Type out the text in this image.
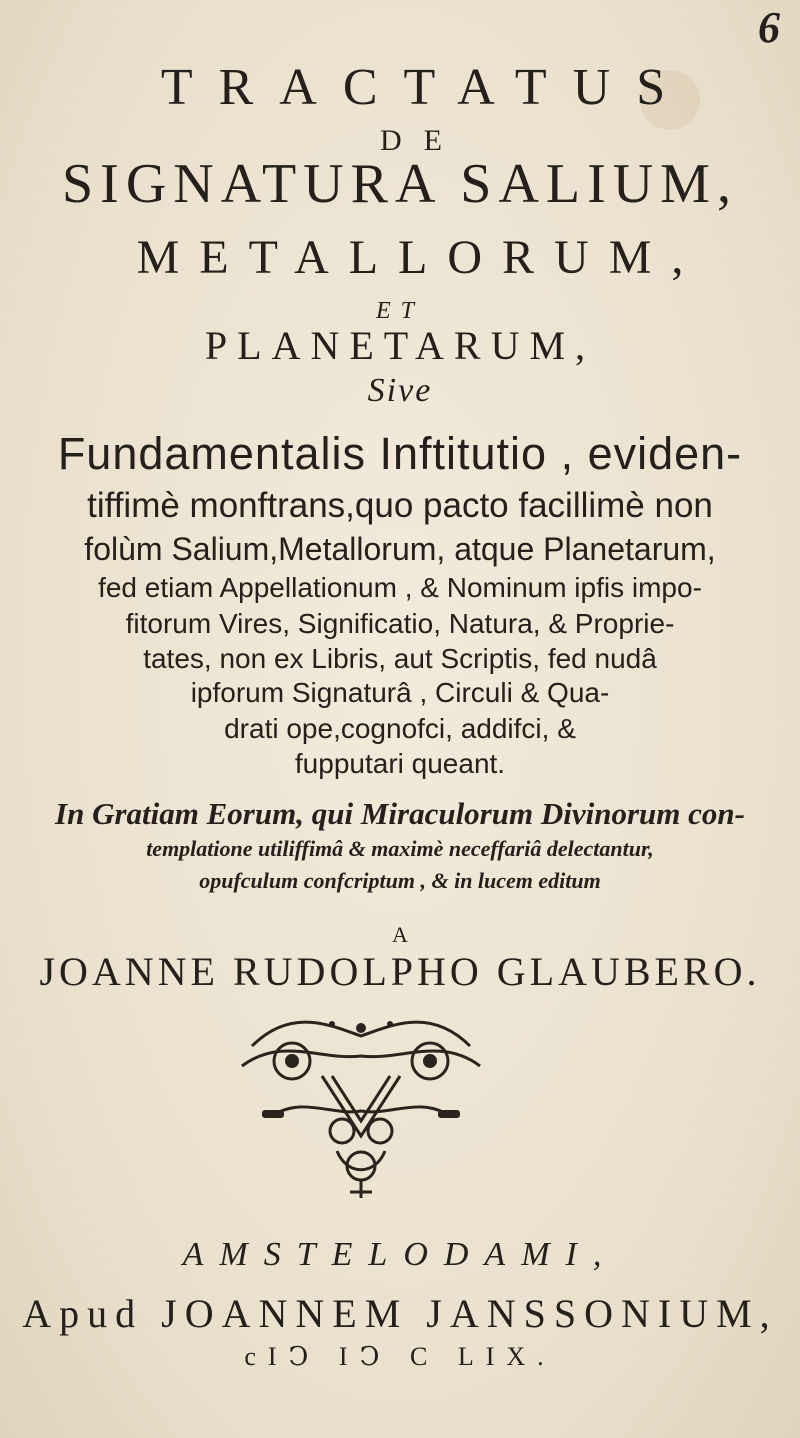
6
TRACTATUS
DE
SIGNATURA SALIUM,
METALLORUM,
ET
PLANETARUM,
Sive
Fundamentalis Inftitutio , eviden-
tiffimè monftrans,quo pacto facillimè non
folùm Salium,Metallorum, atque Planetarum,
fed etiam Appellationum , & Nominum ipfis impo-
fitorum Vires, Significatio, Natura, & Proprie-
tates, non ex Libris, aut Scriptis, fed nudâ
ipforum Signaturâ , Circuli & Qua-
drati ope,cognofci, addifci, &
fupputari queant.
In Gratiam Eorum, qui Miraculorum Divinorum con-
templatione utiliffimâ & maximè neceffariâ delectantur,
opufculum confcriptum , & in lucem editum
A
JOANNE RUDOLPHO GLAUBERO.
AMSTELODAMI,
Apud JOANNEM JANSSONIUM,
cIↃ IↃ C LIX.
